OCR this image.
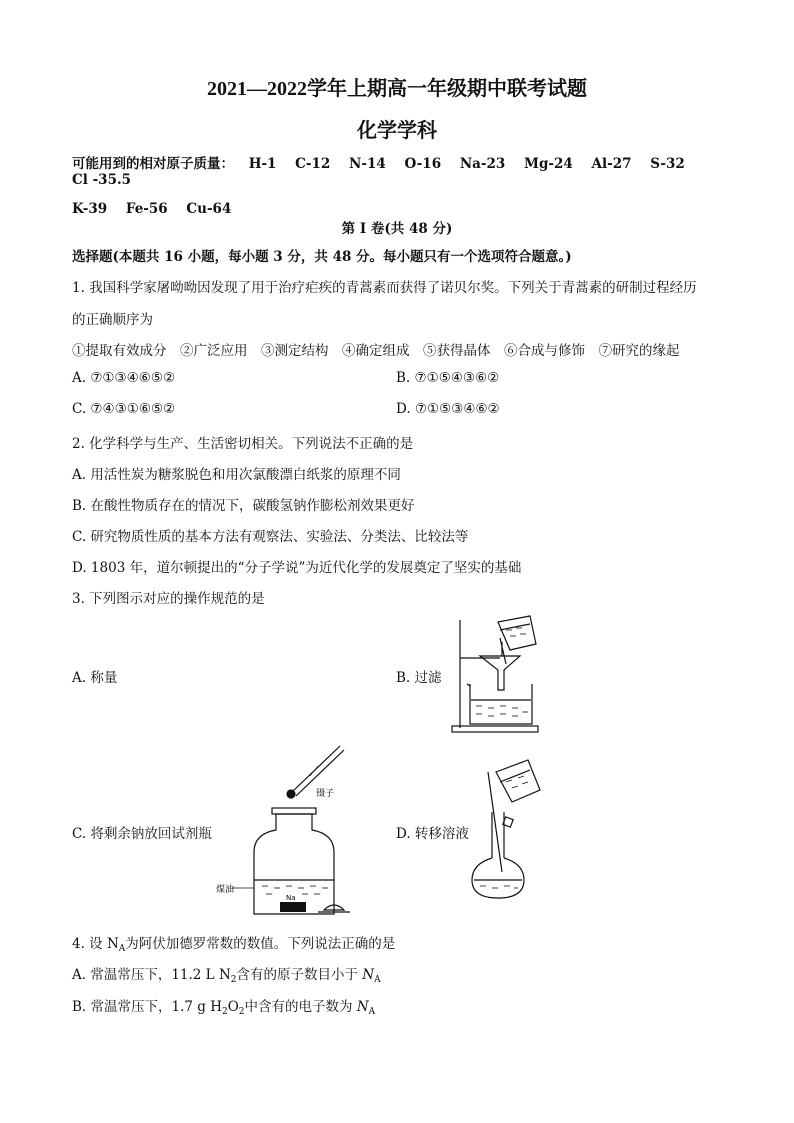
2021—2022学年上期高一年级期中联考试题
化学学科
可能用到的相对原子质量： H-1 C-12 N-14 O-16 Na-23 Mg-24 Al-27 S-32 Cl -35.5
K-39 Fe-56 Cu-64
第 I 卷(共 48 分)
选择题(本题共 16 小题，每小题 3 分，共 48 分。每小题只有一个选项符合题意。)
1. 我国科学家屠呦呦因发现了用于治疗疟疾的青蒿素而获得了诺贝尔奖。下列关于青蒿素的研制过程经历
的正确顺序为
①提取有效成分　②广泛应用　③测定结构　④确定组成　⑤获得晶体　⑥合成与修饰　⑦研究的缘起
A. ⑦①③④⑥⑤②	B. ⑦①⑤④③⑥②
C. ⑦④③①⑥⑤②	D. ⑦①⑤③④⑥②
2. 化学科学与生产、生活密切相关。下列说法不正确的是
A. 用活性炭为糖浆脱色和用次氯酸漂白纸浆的原理不同
B. 在酸性物质存在的情况下，碳酸氢钠作膨松剂效果更好
C. 研究物质性质的基本方法有观察法、实验法、分类法、比较法等
D. 1803 年，道尔顿提出的“分子学说”为近代化学的发展奠定了坚实的基础
3. 下列图示对应的操作规范的是
A. 称量	B. 过滤
C. 将剩余钠放回试剂瓶	D. 转移溶液
镊子
煤油
Na
4. 设 $N_A$为阿伏加德罗常数的数值。下列说法正确的是
A. 常温常压下，11.2 L $N_2$含有的原子数目小于 $N_A$
B. 常温常压下，1.7 g $H_2O_2$中含有的电子数为 $N_A$
